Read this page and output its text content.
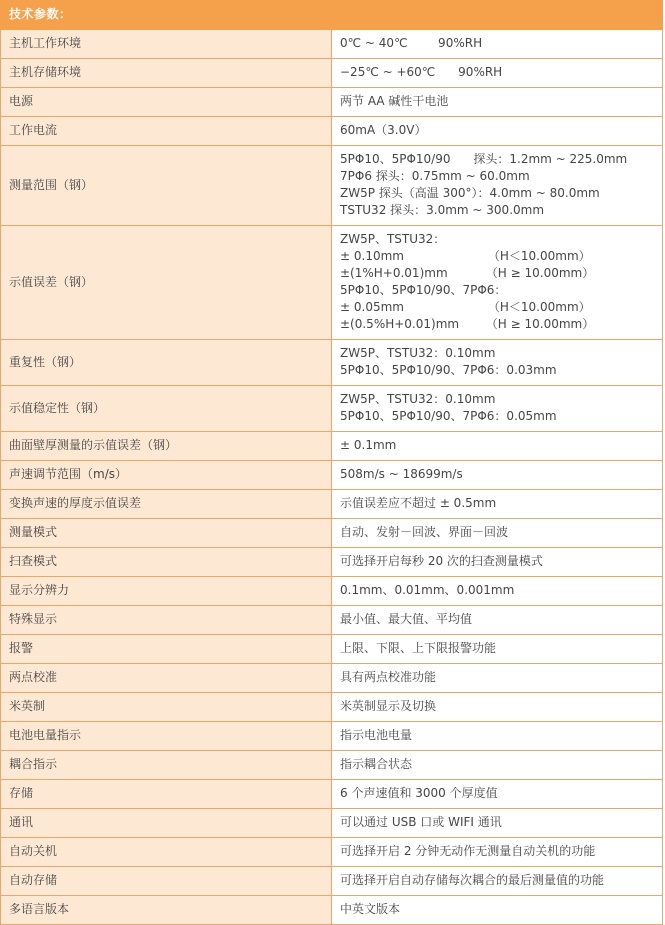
技术参数：	
主机工作环境	0℃ ~ 40℃        90%RH

主机存储环境	−25℃ ~ +60℃      90%RH

电源	两节 AA 碱性干电池

工作电流	60mA（3.0V）

测量范围（钢）	5PΦ10、5PΦ10/90      探头：1.2mm ~ 225.0mm
7PΦ6 探头：0.75mm ~ 60.0mm
ZW5P 探头（高温 300°）：4.0mm ~ 80.0mm
TSTU32 探头：3.0mm ~ 300.0mm

示值误差（钢）	
ZW5P、TSTU32：
± 0.10mm                      （H＜10.00mm）
±(1%H+0.01)mm          （H ≥ 10.00mm）
5PΦ10、5PΦ10/90、7PΦ6：
± 0.05mm                      （H＜10.00mm）
±(0.5%H+0.01)mm       （H ≥ 10.00mm）

重复性（钢）	ZW5P、TSTU32：0.10mm
5PΦ10、5PΦ10/90、7PΦ6：0.03mm

示值稳定性（钢）	ZW5P、TSTU32：0.10mm
5PΦ10、5PΦ10/90、7PΦ6：0.05mm

曲面壁厚测量的示值误差（钢）	± 0.1mm

声速调节范围（m/s）	508m/s ~ 18699m/s

变换声速的厚度示值误差	示值误差应不超过 ± 0.5mm

测量模式	自动、发射－回波、界面－回波

扫查模式	可选择开启每秒 20 次的扫查测量模式

显示分辨力	0.1mm、0.01mm、0.001mm

特殊显示	最小值、最大值、平均值

报警	上限、下限、上下限报警功能

两点校准	具有两点校准功能

米英制	米英制显示及切换

电池电量指示	指示电池电量

耦合指示	指示耦合状态

存储	6 个声速值和 3000 个厚度值

通讯	可以通过 USB 口或 WIFI 通讯

自动关机	可选择开启 2 分钟无动作无测量自动关机的功能

自动存储	可选择开启自动存储每次耦合的最后测量值的功能

多语言版本	中英文版本
